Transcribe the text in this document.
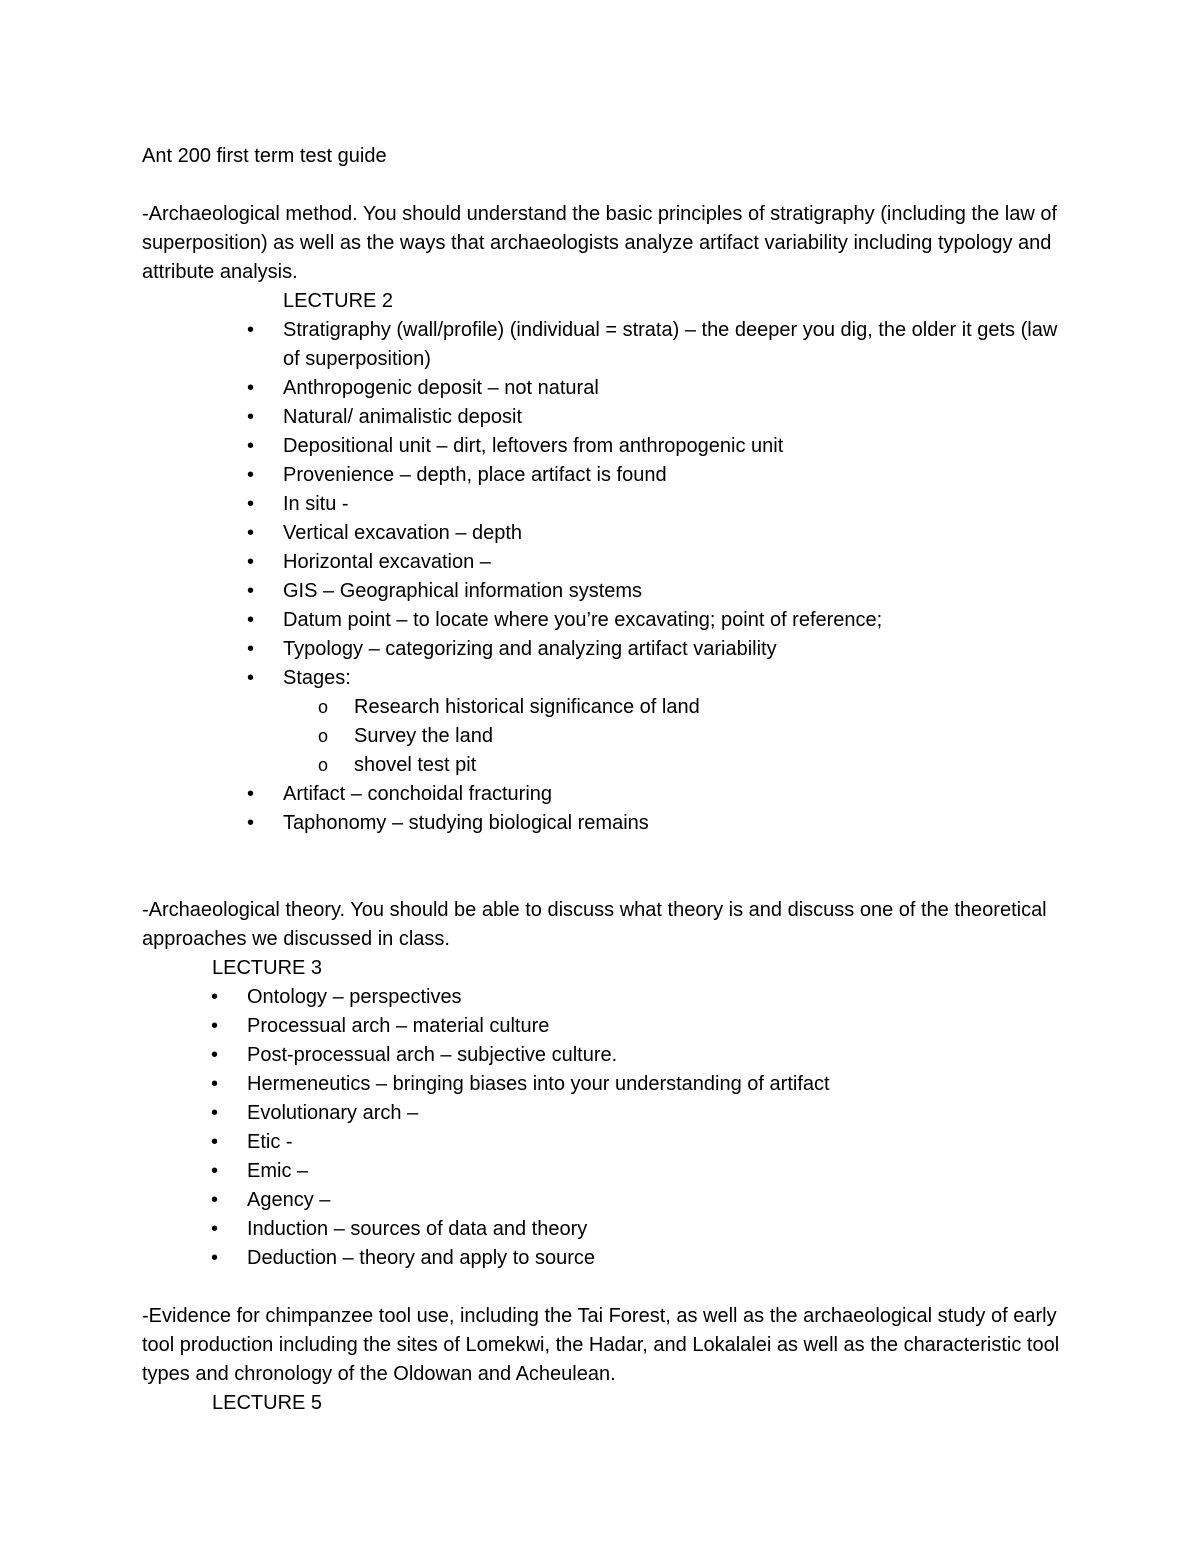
Ant 200 first term test guide

-Archaeological method. You should understand the basic principles of stratigraphy (including the law of superposition) as well as the ways that archaeologists analyze artifact variability including typology and attribute analysis.

LECTURE 2

•	Stratigraphy (wall/profile) (individual = strata) – the deeper you dig, the older it gets (law of superposition)
•	Anthropogenic deposit – not natural
•	Natural/ animalistic deposit
•	Depositional unit – dirt, leftovers from anthropogenic unit
•	Provenience – depth, place artifact is found
•	In situ -
•	Vertical excavation – depth
•	Horizontal excavation –
•	GIS – Geographical information systems
•	Datum point – to locate where you’re excavating; point of reference;
•	Typology – categorizing and analyzing artifact variability
•	Stages:
o	Research historical significance of land
o	Survey the land
o	shovel test pit
•	Artifact – conchoidal fracturing
•	Taphonomy – studying biological remains

-Archaeological theory. You should be able to discuss what theory is and discuss one of the theoretical approaches we discussed in class.

LECTURE 3

•	Ontology – perspectives
•	Processual arch – material culture
•	Post-processual arch – subjective culture.
•	Hermeneutics – bringing biases into your understanding of artifact
•	Evolutionary arch –
•	Etic -
•	Emic –
•	Agency –
•	Induction – sources of data and theory
•	Deduction – theory and apply to source

-Evidence for chimpanzee tool use, including the Tai Forest, as well as the archaeological study of early tool production including the sites of Lomekwi, the Hadar, and Lokalalei as well as the characteristic tool types and chronology of the Oldowan and Acheulean.

LECTURE 5
